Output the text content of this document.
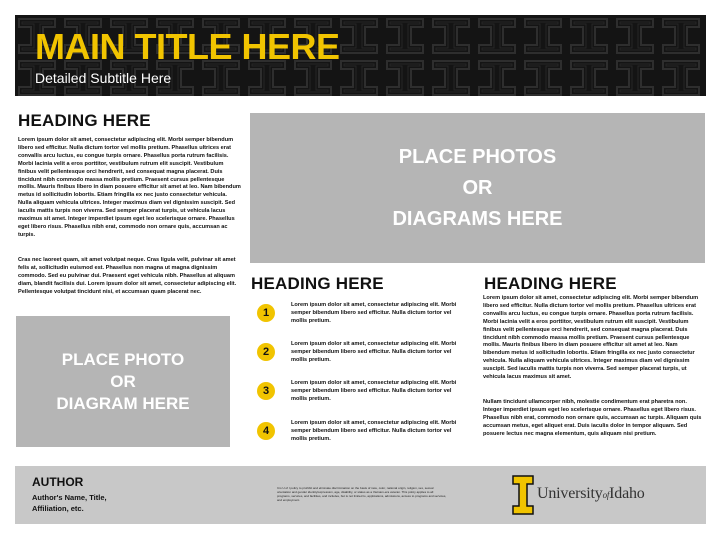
MAIN TITLE HERE
Detailed Subtitle Here
HEADING HERE
Lorem ipsum dolor sit amet, consectetur adipiscing elit. Morbi semper bibendum libero sed efficitur. Nulla dictum tortor vel mollis pretium. Phasellus ultrices erat convallis arcu luctus, eu congue turpis ornare. Phasellus porta rutrum facilisis. Morbi lacinia velit a eros porttitor, vestibulum rutrum elit suscipit. Vestibulum finibus velit pellentesque orci hendrerit, sed consequat magna placerat. Duis tincidunt nibh commodo massa mollis pretium. Praesent cursus pellentesque mollis. Mauris finibus libero in diam posuere efficitur sit amet at leo. Nam bibendum metus id sollicitudin lobortis. Etiam fringilla ex nec justo consectetur vehicula. Nulla aliquam vehicula ultrices. Integer maximus diam vel dignissim suscipit. Sed iaculis mattis turpis non viverra. Sed semper placerat turpis, ut vehicula lacus maximus sit amet. Integer imperdiet ipsum eget leo scelerisque ornare. Phasellus eget libero risus. Phasellus nibh erat, commodo non ornare quis, accumsan ac turpis.
Cras nec laoreet quam, sit amet volutpat neque. Cras ligula velit, pulvinar sit amet felis at, sollicitudin euismod est. Phasellus non magna ut magna dignissim commodo. Sed eu pulvinar dui. Praesent eget vehicula nibh. Phasellus at aliquam diam, blandit facilisis dui. Lorem ipsum dolor sit amet, consectetur adipiscing elit. Pellentesque volutpat tincidunt nisi, et accumsan quam placerat nec.
PLACE PHOTO
OR
DIAGRAM HERE
PLACE PHOTOS
OR
DIAGRAMS HERE
HEADING HERE
1
Lorem ipsum dolor sit amet, consectetur adipiscing elit. Morbi semper bibendum libero sed efficitur. Nulla dictum tortor vel mollis pretium.
2
Lorem ipsum dolor sit amet, consectetur adipiscing elit. Morbi semper bibendum libero sed efficitur. Nulla dictum tortor vel mollis pretium.
3
Lorem ipsum dolor sit amet, consectetur adipiscing elit. Morbi semper bibendum libero sed efficitur. Nulla dictum tortor vel mollis pretium.
4
Lorem ipsum dolor sit amet, consectetur adipiscing elit. Morbi semper bibendum libero sed efficitur. Nulla dictum tortor vel mollis pretium.
HEADING HERE
Lorem ipsum dolor sit amet, consectetur adipiscing elit. Morbi semper bibendum libero sed efficitur. Nulla dictum tortor vel mollis pretium. Phasellus ultrices erat convallis arcu luctus, eu congue turpis ornare. Phasellus porta rutrum facilisis. Morbi lacinia velit a eros porttitor, vestibulum rutrum elit suscipit. Vestibulum finibus velit pellentesque orci hendrerit, sed consequat magna placerat. Duis tincidunt nibh commodo massa mollis pretium. Praesent cursus pellentesque mollis. Mauris finibus libero in diam posuere efficitur sit amet at leo. Nam bibendum metus id sollicitudin lobortis. Etiam fringilla ex nec justo consectetur vehicula. Nulla aliquam vehicula ultrices. Integer maximus diam vel dignissim suscipit. Sed iaculis mattis turpis non viverra. Sed semper placerat turpis, ut vehicula lacus maximus sit amet.
Nullam tincidunt ullamcorper nibh, molestie condimentum erat pharetra non. Integer imperdiet ipsum eget leo scelerisque ornare. Phasellus eget libero risus. Phasellus nibh erat, commodo non ornare quis, accumsan ac turpis. Aliquam quis accumsan metus, eget aliquet erat. Duis iaculis dolor in tempor aliquam. Sed posuere lectus nec magna elementum, quis aliquam nisi pretium.
AUTHOR
Author's Name, Title,
Affiliation, etc.
It is U of I policy to prohibit and eliminate discrimination on the basis of race, color, national origin, religion, sex, sexual orientation and gender identity/expression, age, disability, or status as a Vietnam-era veteran. This policy applies to all programs, services, and facilities, and includes, but is not limited to, applications, admissions, access to programs and services, and employment.	UniversityofIdaho
